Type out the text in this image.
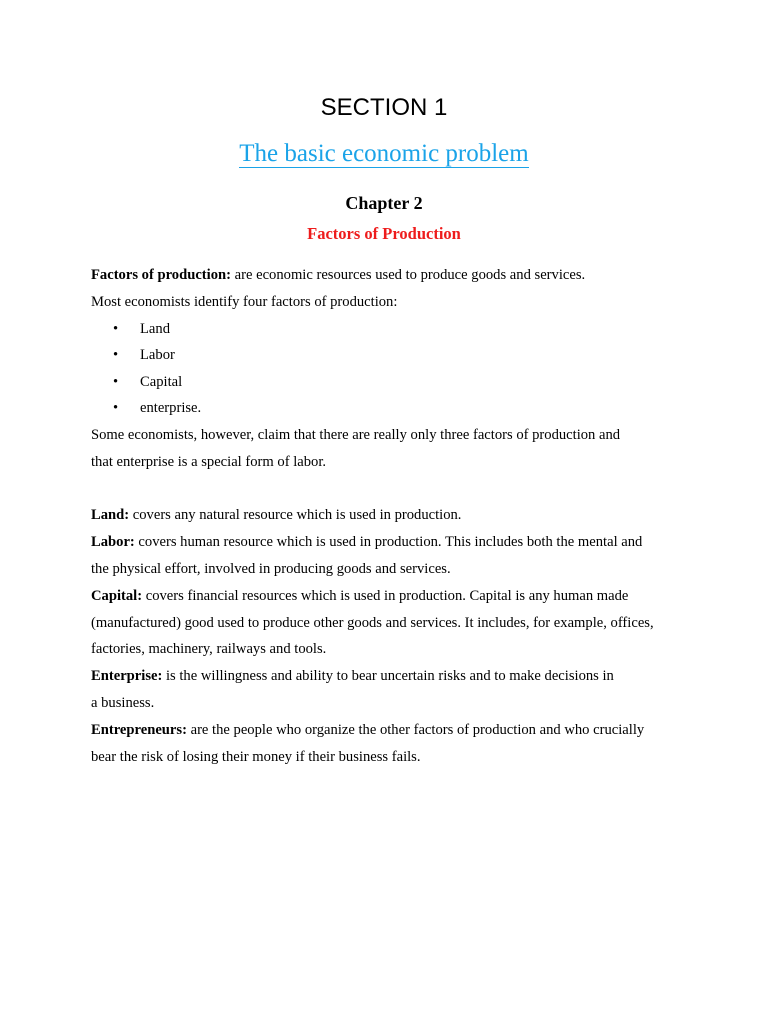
SECTION 1
The basic economic problem
Chapter 2
Factors of Production
Factors of production: are economic resources used to produce goods and services.
Most economists identify four factors of production:
• Land
• Labor
• Capital
• enterprise.
Some economists, however, claim that there are really only three factors of production and
that enterprise is a special form of labor.
Land: covers any natural resource which is used in production.
Labor: covers human resource which is used in production. This includes both the mental and
the physical effort, involved in producing goods and services.
Capital: covers financial resources which is used in production. Capital is any human made
(manufactured) good used to produce other goods and services. It includes, for example, offices,
factories, machinery, railways and tools.
Enterprise: is the willingness and ability to bear uncertain risks and to make decisions in
a business.
Entrepreneurs: are the people who organize the other factors of production and who crucially
bear the risk of losing their money if their business fails.
